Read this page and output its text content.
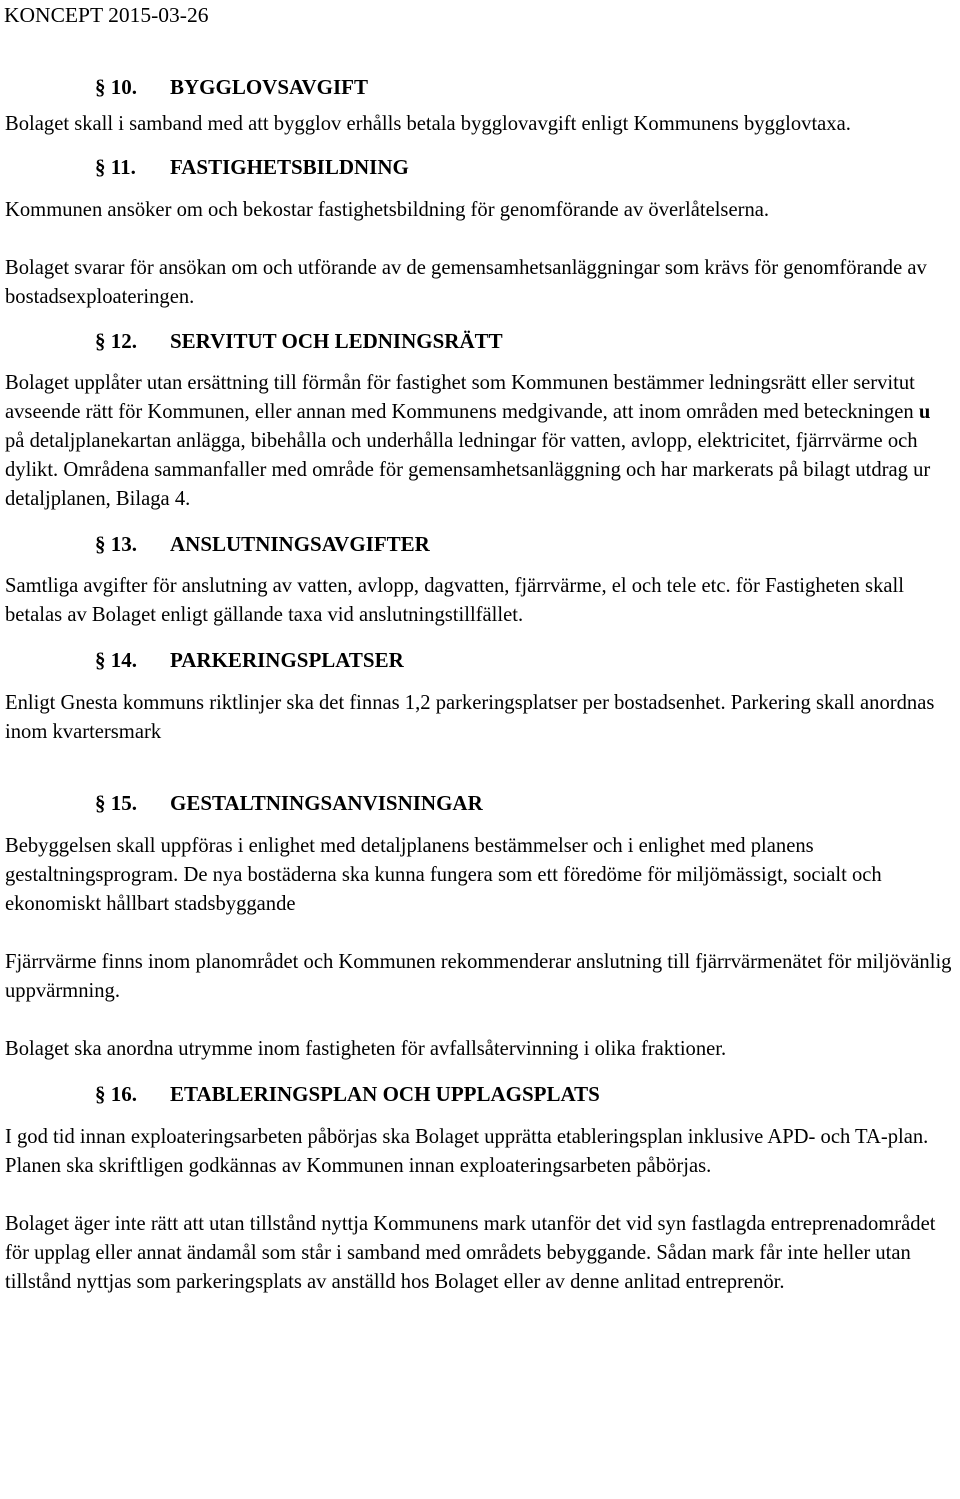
KONCEPT 2015-03-26

§ 10. BYGGLOVSAVGIFT

Bolaget skall i samband med att bygglov erhålls betala bygglovavgift enligt Kommunens bygglovtaxa.

§ 11. FASTIGHETSBILDNING

Kommunen ansöker om och bekostar fastighetsbildning för genomförande av överlåtelserna.

Bolaget svarar för ansökan om och utförande av de gemensamhetsanläggningar som krävs för genomförande av bostadsexploateringen.

§ 12. SERVITUT OCH LEDNINGSRÄTT

Bolaget upplåter utan ersättning till förmån för fastighet som Kommunen bestämmer ledningsrätt eller servitut avseende rätt för Kommunen, eller annan med Kommunens medgivande, att inom områden med beteckningen u på detaljplanekartan anlägga, bibehålla och underhålla ledningar för vatten, avlopp, elektricitet, fjärrvärme och dylikt. Områdena sammanfaller med område för gemensamhetsanläggning och har markerats på bilagt utdrag ur detaljplanen, Bilaga 4.

§ 13. ANSLUTNINGSAVGIFTER

Samtliga avgifter för anslutning av vatten, avlopp, dagvatten, fjärrvärme, el och tele etc. för Fastigheten skall betalas av Bolaget enligt gällande taxa vid anslutningstillfället.

§ 14. PARKERINGSPLATSER

Enligt Gnesta kommuns riktlinjer ska det finnas 1,2 parkeringsplatser per bostadsenhet. Parkering skall anordnas inom kvartersmark

§ 15. GESTALTNINGSANVISNINGAR

Bebyggelsen skall uppföras i enlighet med detaljplanens bestämmelser och i enlighet med planens gestaltningsprogram. De nya bostäderna ska kunna fungera som ett föredöme för miljömässigt, socialt och ekonomiskt hållbart stadsbyggande

Fjärrvärme finns inom planområdet och Kommunen rekommenderar anslutning till fjärrvärmenätet för miljövänlig uppvärmning.

Bolaget ska anordna utrymme inom fastigheten för avfallsåtervinning i olika fraktioner.

§ 16. ETABLERINGSPLAN OCH UPPLAGSPLATS

I god tid innan exploateringsarbeten påbörjas ska Bolaget upprätta etableringsplan inklusive APD- och TA-plan. Planen ska skriftligen godkännas av Kommunen innan exploateringsarbeten påbörjas.

Bolaget äger inte rätt att utan tillstånd nyttja Kommunens mark utanför det vid syn fastlagda entreprenadområdet för upplag eller annat ändamål som står i samband med områdets bebyggande. Sådan mark får inte heller utan tillstånd nyttjas som parkeringsplats av anställd hos Bolaget eller av denne anlitad entreprenör.
